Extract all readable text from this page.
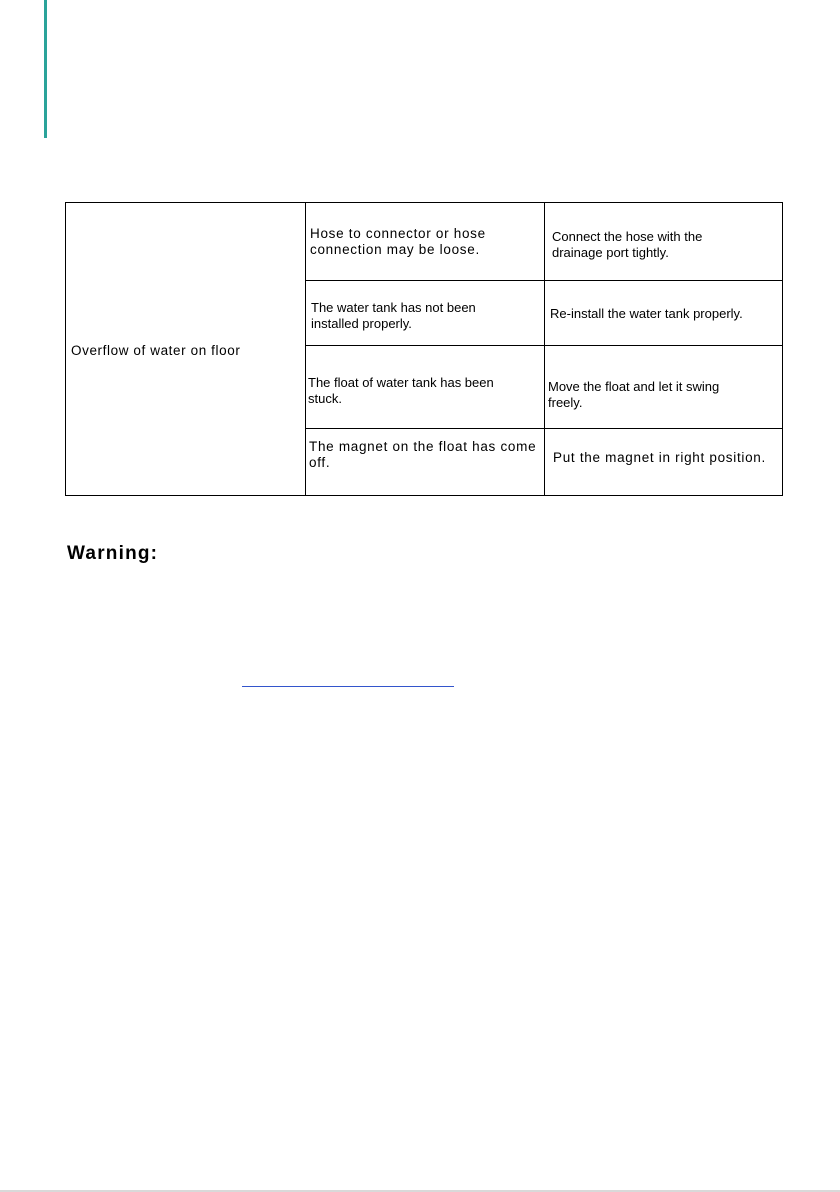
Overflow of water on floor
Hose to connector or hose connection may be loose.
Connect the hose with the drainage port tightly.
The water tank has not been installed properly.
Re-install the water tank properly.
The float of water tank has been stuck.
Move the float and let it swing freely.
The magnet on the float has come off.	Put the magnet in right position.
Warning:
